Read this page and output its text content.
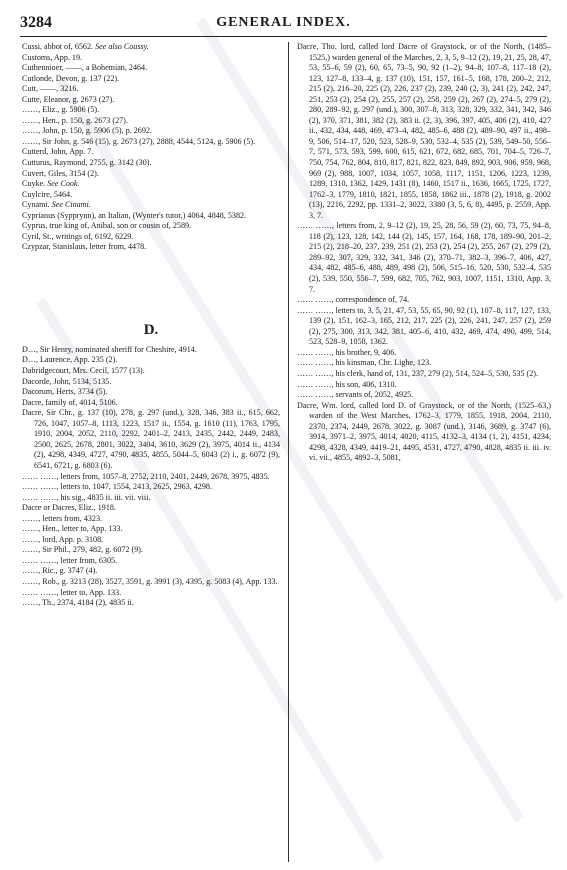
3284	GENERAL INDEX.
Cussi, abbot of, 6562. See also Coussy.
Customs, App. 19.
Cuthennioer, ——, a Bohemian, 2464.
Cutlonde, Devon, g. 137 (22).
Cutt, ——, 3216.
Cutte, Eleanor, g. 2673 (27).
……, Eliz., g. 5906 (5).
……, Hen., p. 150, g. 2673 (27).
……, John, p. 150, g. 5906 (5), p. 2692.
……, Sir John, g. 546 (15), g. 2673 (27), 2888, 4544, 5124, g. 5906 (5).
Cutterd, John, App. 7.
Cutturus, Raymond, 2755, g. 3142 (30).
Cuvert, Giles, 3154 (2).
Cuyke. See Cook.
Cuylcire, 5464.
Cynami. See Cinami.
Cyprianus (Sypprynn), an Italian, (Wynter's tutor,) 4064, 4848, 5382.
Cyprus, true king of, Anibal, son or cousin of, 2589.
Cyril, St., writings of, 6192, 6229.
Czypzar, Stanislaus, letter from, 4478.
D.
D…, Sir Henry, nominated sheriff for Cheshire, 4914.
D…, Laurence, App. 235 (2).
Dabridgecourt, Mrs. Cecil, 1577 (13).
Dacorde, John, 5134, 5135.
Dacorum, Herts, 3734 (5).
Dacre, family of, 4014, 5106.
Dacre, Sir Chr., g. 137 (10), 278, g. 297 (und.), 328, 346, 383 ii., 615, 662, 726, 1047, 1057–8, 1113, 1223, 1517 ii., 1554, g. 1610 (11), 1763, 1795, 1910, 2004, 2052, 2110, 2292, 2401–2, 2413, 2435, 2442, 2449, 2483, 2500, 2625, 2678, 2801, 3022, 3404, 3610, 3629 (2), 3975, 4014 ii., 4134 (2), 4298, 4349, 4727, 4790, 4835, 4855, 5044–5, 6043 (2) i., g. 6072 (9), 6541, 6721, g. 6803 (6).
…… ……, letters from, 1057–8, 2752, 2110, 2401, 2449, 2678, 3975, 4835.
…… ……, letters to, 1047, 1554, 2413, 2625, 2963, 4298.
…… ……, his sig., 4835 ii. iii. vii. viii.
Dacre or Dacres, Eliz., 1918.
……, letters from, 4323.
……, Hen., letter to, App. 133.
……, lord, App. p. 3108.
……, Sir Phil., 279, 482, g. 6072 (9).
…… ……, letter from, 6305.
……, Ric., g. 3747 (4).
……, Rob., g. 3213 (28), 3527, 3591, g. 3991 (3), 4395, g. 5083 (4), App. 133.
…… ……, letter to, App. 133.
……, Th., 2374, 4184 (2), 4835 ii.
Dacre, Tho. lord, called lord Dacre of Graystock, or of the North, (1485–1525,) warden general of the Marches, 2, 3, 5, 9–12 (2), 19, 21, 25, 28, 47, 53, 55–6, 59 (2), 60, 65, 73–5, 90, 92 (1–2), 94–8, 107–8, 117–18 (2), 123, 127–8, 133–4, g. 137 (10), 151, 157, 161–5, 168, 178, 200–2, 212, 215 (2), 216–20, 225 (2), 226, 237 (2), 239, 240 (2, 3), 241 (2), 242, 247, 251, 253 (2), 254 (2), 255, 257 (2), 258, 259 (2), 267 (2), 274–5, 279 (2), 280, 289–92, g. 297 (und.), 300, 307–8, 313, 328, 329, 332, 341, 342, 346 (2), 370, 371, 381, 382 (2), 383 ii. (2, 3), 396, 397, 405, 406 (2), 410, 427 ii., 432, 434, 448, 469, 473–4, 482, 485–6, 488 (2), 489–90, 497 ii., 498–9, 506, 514–17, 520, 523, 528–9, 530, 532–4, 535 (2), 539, 549–50, 556–7, 571, 573, 593, 599, 600, 615, 621, 672, 682, 685, 701, 704–5, 726–7, 750, 754, 762, 804, 810, 817, 821, 822, 823, 849, 892, 903, 906, 959, 968, 969 (2), 988, 1007, 1034, 1057, 1058, 1117, 1151, 1206, 1223, 1239, 1289, 1310, 1362, 1429, 1431 (8), 1460, 1517 ii., 1636, 1665, 1725, 1727, 1762–3, 1779, 1810, 1821, 1855, 1858, 1862 iii., 1878 (2), 1918, g. 2002 (13), 2216, 2292, pp. 1331–2, 3022, 3380 (3, 5, 6, 8), 4495, p. 2559, App. 3, 7.
…… ……, letters from, 2, 9–12 (2), 19, 25, 28, 56, 59 (2), 60, 73, 75, 94–8, 118 (2), 123, 128, 142, 144 (2), 145, 157, 164, 168, 178, 189–90, 201–2, 215 (2), 218–20, 237, 239, 251 (2), 253 (2), 254 (2), 255, 267 (2), 279 (2), 289–92, 307, 329, 332, 341, 346 (2), 370–71, 382–3, 396–7, 406, 427, 434, 482, 485–6, 488, 489, 498 (2), 506, 515–16, 520, 530, 532–4, 535 (2), 539, 550, 556–7, 599, 682, 705, 762, 903, 1007, 1151, 1310, App. 3, 7.
…… ……, correspondence of, 74.
…… ……, letters to, 3, 5, 21, 47, 53, 55, 65, 90, 92 (1), 107–8, 117, 127, 133, 139 (2), 151, 162–3, 165, 212, 217, 225 (2), 226, 241, 247, 257 (2), 259 (2), 275, 300, 313, 342, 381, 405–6, 410, 432, 469, 474, 490, 499, 514, 523, 528–9, 1058, 1362.
…… ……, his brother, 9, 406.
…… ……, his kinsman, Chr. Lighe, 123.
…… ……, his clerk, hand of, 131, 237, 279 (2), 514, 524–5, 530, 535 (2).
…… ……, his son, 406, 1310.
…… ……, servants of, 2052, 4925.
Dacre, Wm. lord, called lord D. of Graystock, or of the North, (1525–63,) warden of the West Marches, 1762–3, 1779, 1855, 1918, 2004, 2110, 2370, 2374, 2449, 2678, 3022, g. 3087 (und.), 3146, 3689, g. 3747 (6), 3914, 3971–2, 3975, 4014, 4020, 4115, 4132–3, 4134 (1, 2), 4151, 4234, 4298, 4328, 4349, 4419–21, 4495, 4531, 4727, 4790, 4828, 4835 ii. iii. iv. vi. vii., 4855, 4892–3, 5081,
